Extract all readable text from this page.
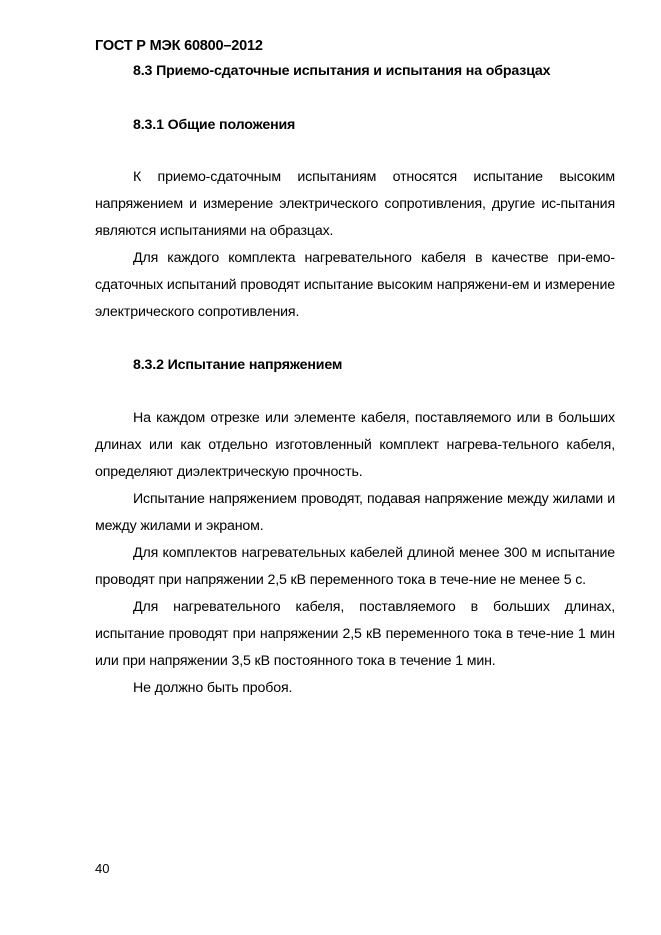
ГОСТ Р МЭК 60800–2012
8.3 Приемо-сдаточные испытания и испытания на образцах
8.3.1 Общие положения

К приемо-сдаточным испытаниям относятся испытание высоким напряжением и измерение электрического сопротивления, другие ис-пытания являются испытаниями на образцах.

Для каждого комплекта нагревательного кабеля в качестве при-емо-сдаточных испытаний проводят испытание высоким напряжени-ем и измерение электрического сопротивления.

8.3.2 Испытание напряжением

На каждом отрезке или элементе кабеля, поставляемого или в больших длинах или как отдельно изготовленный комплект нагрева-тельного кабеля, определяют диэлектрическую прочность.

Испытание напряжением проводят, подавая напряжение между жилами и между жилами и экраном.

Для комплектов нагревательных кабелей длиной менее 300 м испытание проводят при напряжении 2,5 кВ переменного тока в тече-ние не менее 5 с.

Для нагревательного кабеля, поставляемого в больших длинах, испытание проводят при напряжении 2,5 кВ переменного тока в тече-ние 1 мин или при напряжении 3,5 кВ постоянного тока в течение 1 мин.

Не должно быть пробоя.

40
